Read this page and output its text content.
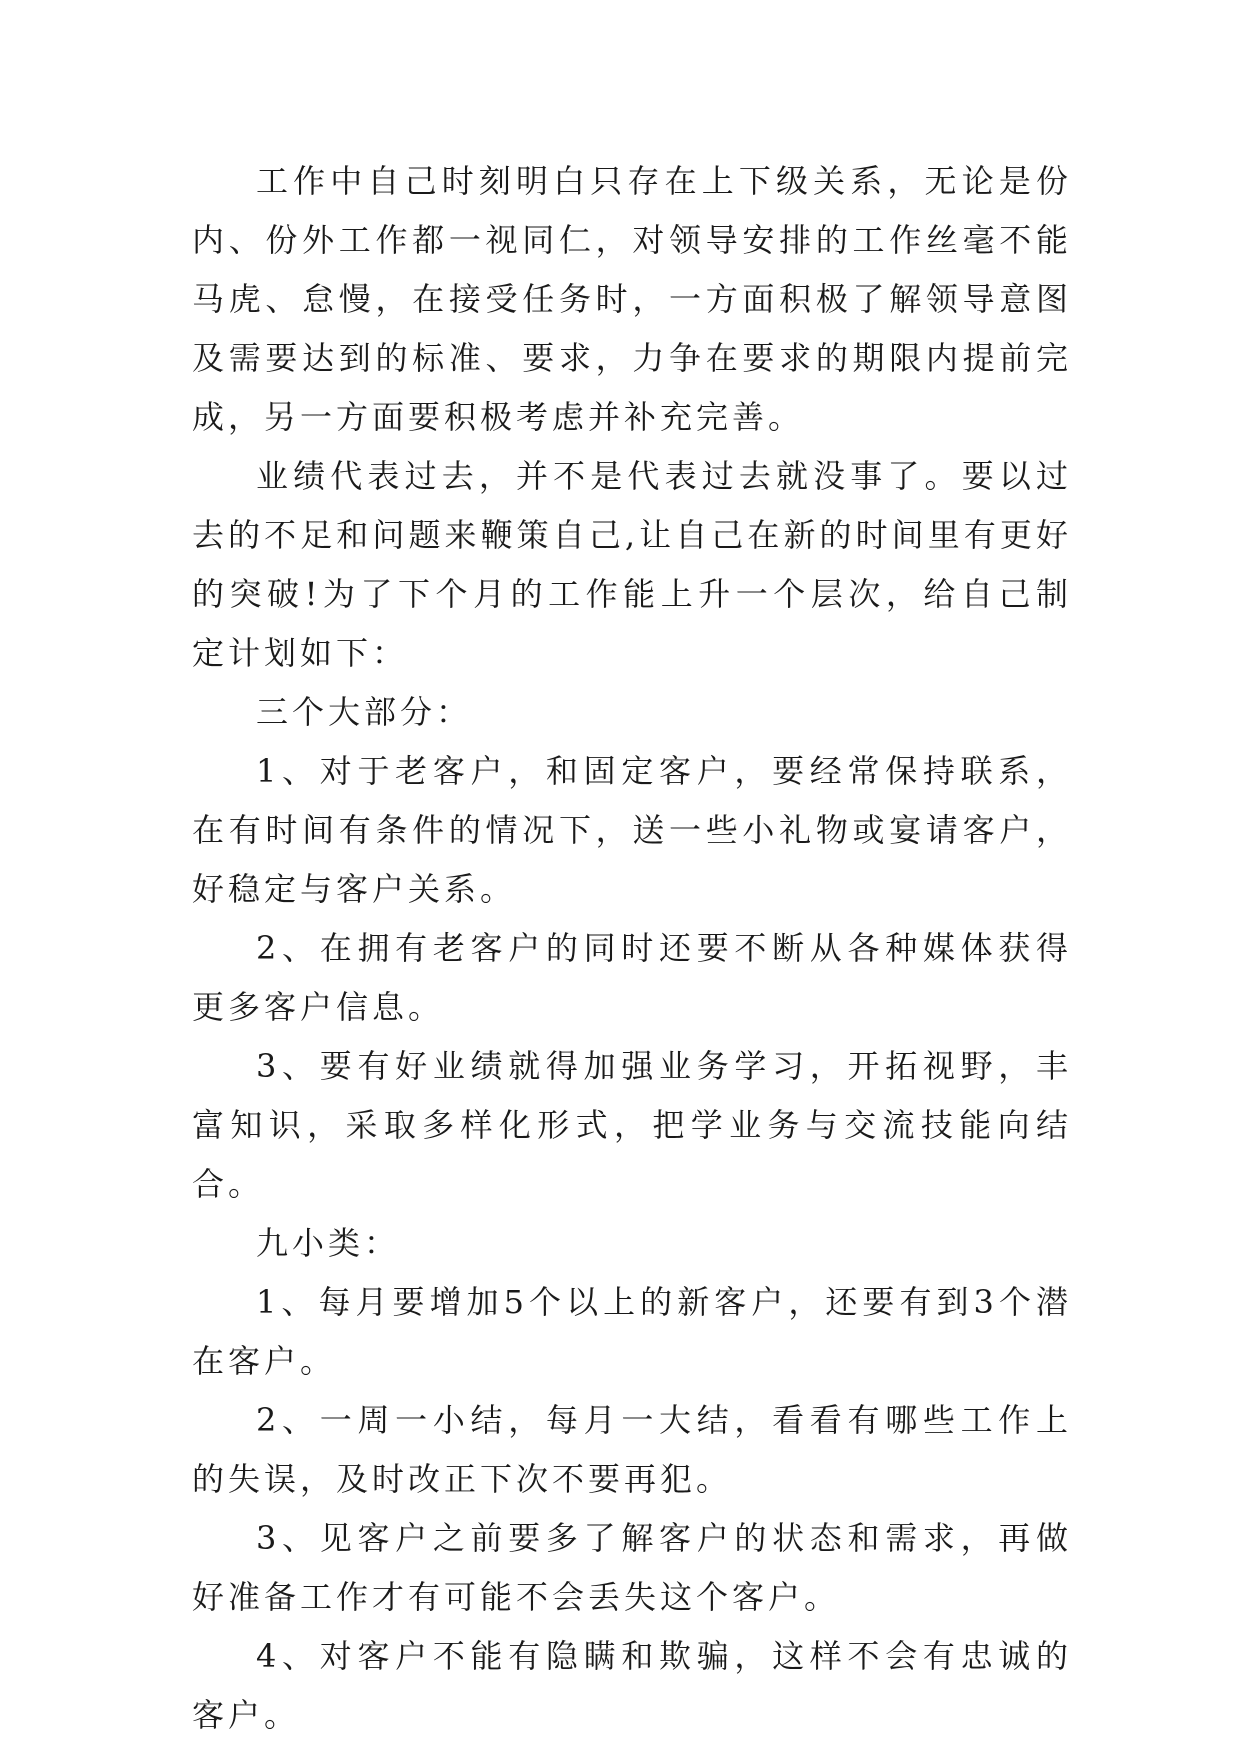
工作中自己时刻明白只存在上下级关系，无论是份内、份外工作都一视同仁，对领导安排的工作丝毫不能马虎、怠慢，在接受任务时，一方面积极了解领导意图及需要达到的标准、要求，力争在要求的期限内提前完成，另一方面要积极考虑并补充完善。

业绩代表过去，并不是代表过去就没事了。要以过去的不足和问题来鞭策自己,让自己在新的时间里有更好的突破!为了下个月的工作能上升一个层次，给自己制定计划如下：

三个大部分：

1、对于老客户，和固定客户，要经常保持联系，在有时间有条件的情况下，送一些小礼物或宴请客户，好稳定与客户关系。

2、在拥有老客户的同时还要不断从各种媒体获得更多客户信息。

3、要有好业绩就得加强业务学习，开拓视野，丰富知识，采取多样化形式，把学业务与交流技能向结合。

九小类：

1、每月要增加5个以上的新客户，还要有到3个潜在客户。

2、一周一小结，每月一大结，看看有哪些工作上的失误，及时改正下次不要再犯。

3、见客户之前要多了解客户的状态和需求，再做好准备工作才有可能不会丢失这个客户。

4、对客户不能有隐瞒和欺骗，这样不会有忠诚的客户。
